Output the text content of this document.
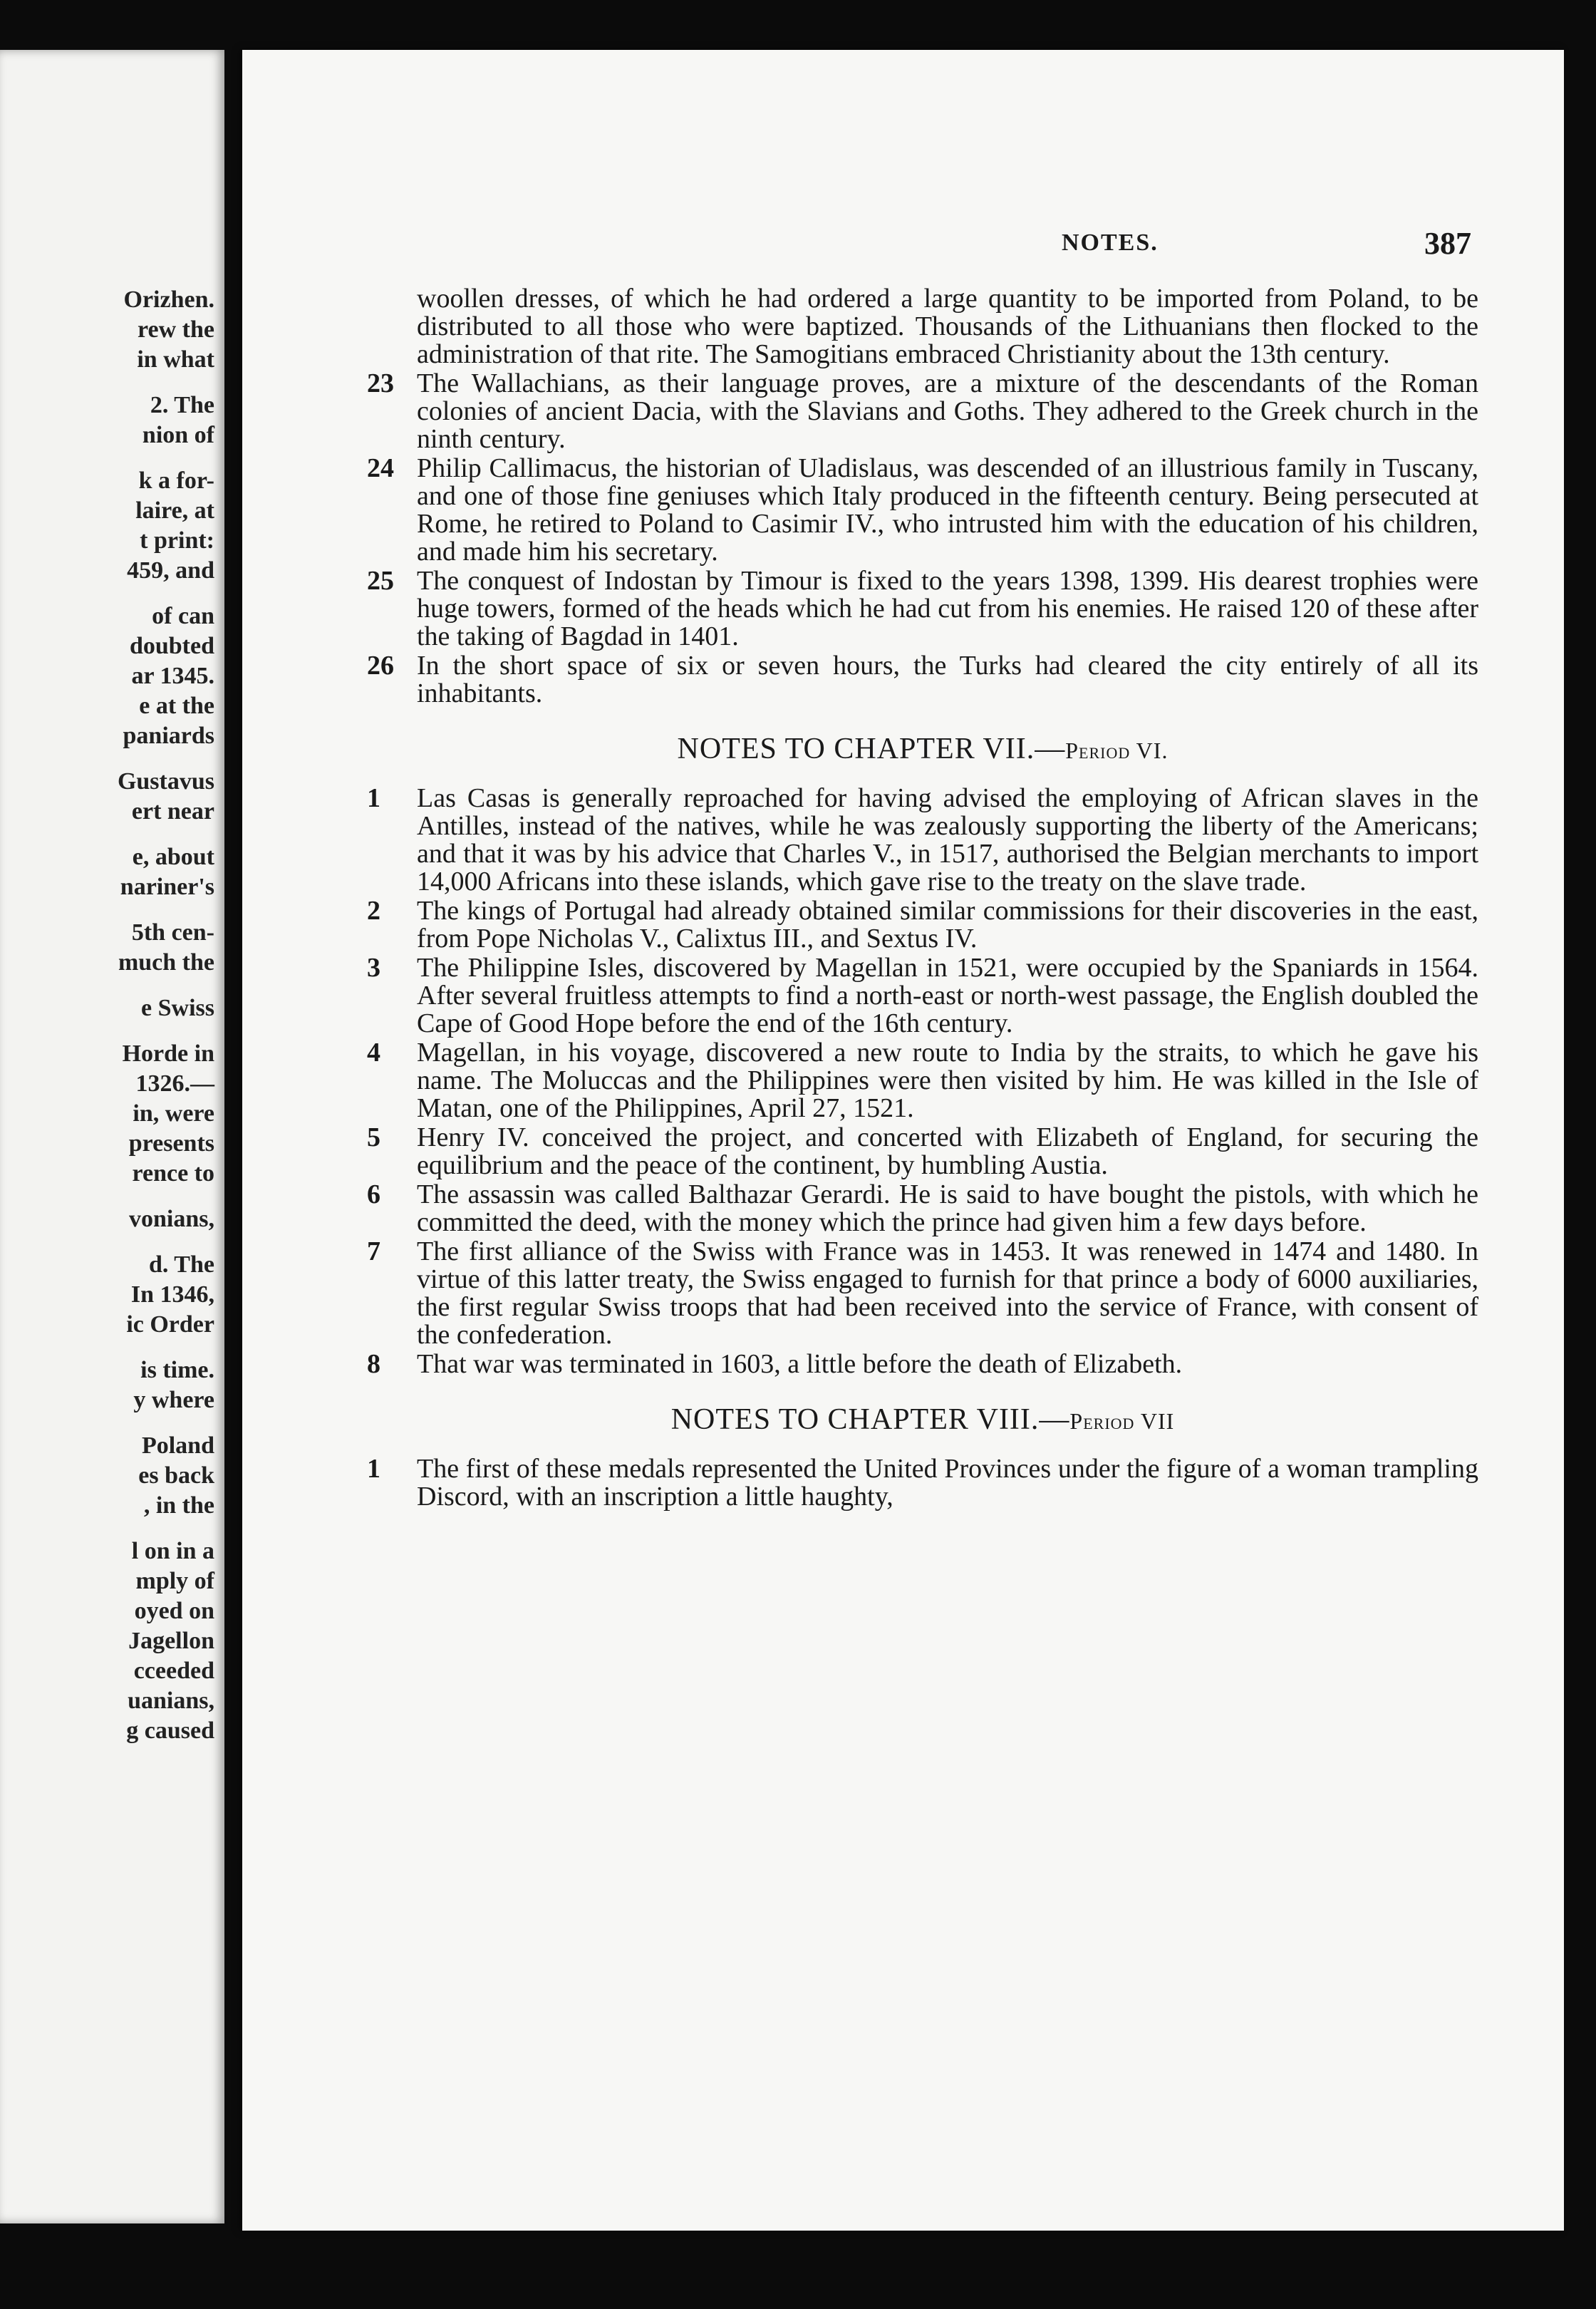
Orizhen.

rew the

in what

2. The

nion of

k a for-

laire, at

t print:

459, and

of can

doubted

ar 1345.

e at the

paniards

Gustavus

ert near

e, about

nariner's

5th cen-

much the

e Swiss

Horde in

1326.—

in, were

presents

rence to

vonians,

d. The

In 1346,

ic Order

is time.

y where

Poland

es back

, in the

l on in a

mply of

oyed on

Jagellon

cceeded

uanians,

g caused

NOTES.	387
woollen dresses, of which he had ordered a large quantity to be imported from Poland, to be distributed to all those who were baptized. Thousands of the Lithuanians then flocked to the administration of that rite. The Samogitians embraced Christianity about the 13th century.
23 The Wallachians, as their language proves, are a mixture of the descendants of the Roman colonies of ancient Dacia, with the Slavians and Goths. They adhered to the Greek church in the ninth century.
24 Philip Callimacus, the historian of Uladislaus, was descended of an illustrious family in Tuscany, and one of those fine geniuses which Italy produced in the fifteenth century. Being persecuted at Rome, he retired to Poland to Casimir IV., who intrusted him with the education of his children, and made him his secretary.
25 The conquest of Indostan by Timour is fixed to the years 1398, 1399. His dearest trophies were huge towers, formed of the heads which he had cut from his enemies. He raised 120 of these after the taking of Bagdad in 1401.
26 In the short space of six or seven hours, the Turks had cleared the city entirely of all its inhabitants.
NOTES TO CHAPTER VII.—Period VI.
1 Las Casas is generally reproached for having advised the employing of African slaves in the Antilles, instead of the natives, while he was zealously supporting the liberty of the Americans; and that it was by his advice that Charles V., in 1517, authorised the Belgian merchants to import 14,000 Africans into these islands, which gave rise to the treaty on the slave trade.
2 The kings of Portugal had already obtained similar commissions for their discoveries in the east, from Pope Nicholas V., Calixtus III., and Sextus IV.
3 The Philippine Isles, discovered by Magellan in 1521, were occupied by the Spaniards in 1564. After several fruitless attempts to find a north-east or north-west passage, the English doubled the Cape of Good Hope before the end of the 16th century.
4 Magellan, in his voyage, discovered a new route to India by the straits, to which he gave his name. The Moluccas and the Philippines were then visited by him. He was killed in the Isle of Matan, one of the Philippines, April 27, 1521.
5 Henry IV. conceived the project, and concerted with Elizabeth of England, for securing the equilibrium and the peace of the continent, by humbling Austia.
6 The assassin was called Balthazar Gerardi. He is said to have bought the pistols, with which he committed the deed, with the money which the prince had given him a few days before.
7 The first alliance of the Swiss with France was in 1453. It was renewed in 1474 and 1480. In virtue of this latter treaty, the Swiss engaged to furnish for that prince a body of 6000 auxiliaries, the first regular Swiss troops that had been received into the service of France, with consent of the confederation.
8 That war was terminated in 1603, a little before the death of Elizabeth.
NOTES TO CHAPTER VIII.—Period VII
1 The first of these medals represented the United Provinces under the figure of a woman trampling Discord, with an inscription a little haughty,
